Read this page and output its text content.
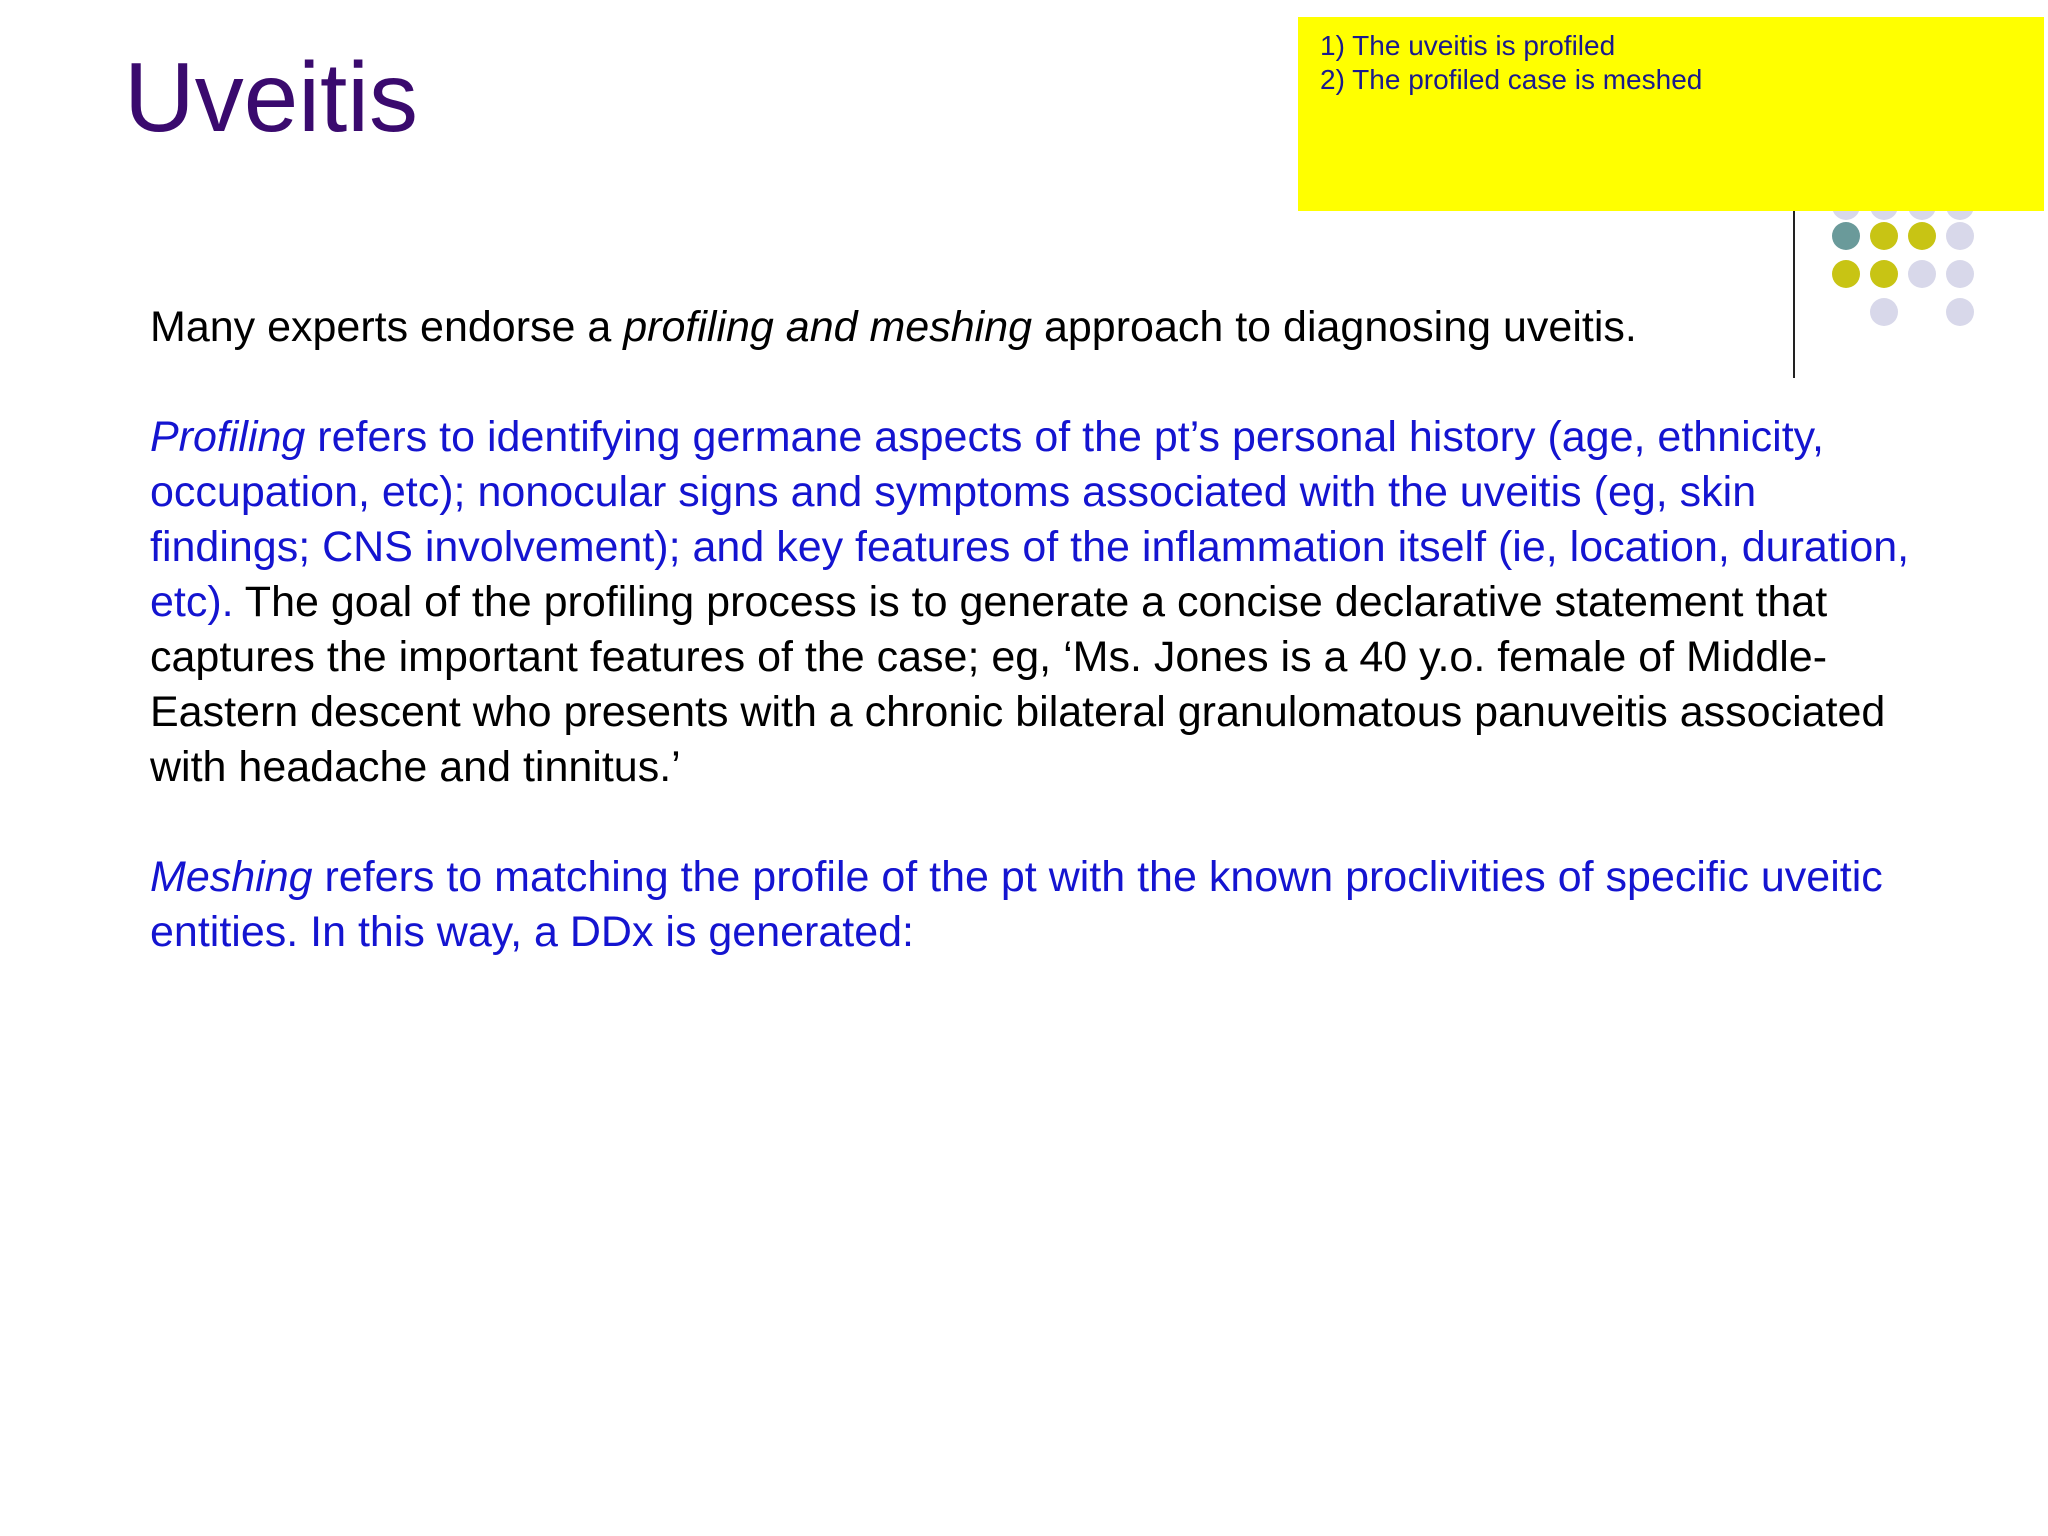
Uveitis	1) The uveitis is profiled
2) The profiled case is meshed

Many experts endorse a profiling and meshing approach to diagnosing uveitis.

Profiling refers to identifying germane aspects of the pt’s personal history (age, ethnicity, occupation, etc); nonocular signs and symptoms associated with the uveitis (eg, skin findings; CNS involvement); and key features of the inflammation itself (ie, location, duration, etc). The goal of the profiling process is to generate a concise declarative statement that captures the important features of the case; eg, ‘Ms. Jones is a 40 y.o. female of Middle-Eastern descent who presents with a chronic bilateral granulomatous panuveitis associated with headache and tinnitus.’

Meshing refers to matching the profile of the pt with the known proclivities of specific uveitic entities. In this way, a DDx is generated:
